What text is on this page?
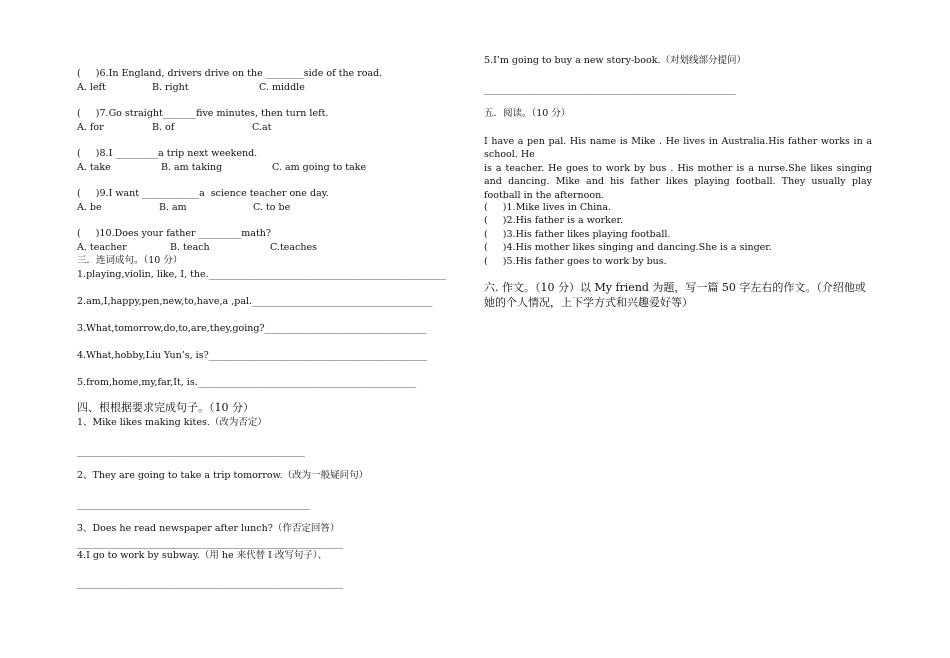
(     )6.In England, drivers drive on the ________side of the road.
A. left	B. right	C. middle
(     )7.Go straight_______five minutes, then turn left.
A. for	B. of	C.at
(     )8.I _________a trip next weekend.
A. take	B. am taking	C. am going to take
(     )9.I want ____________a  science teacher one day.
A. be	B. am	C. to be
(     )10.Does your father _________math?
A. teacher	B. teach	C.teaches
三．连词成句。（10 分）
1.playing,violin, like, I, the.__________________________________________________
2.am,I,happy,pen,new,to,have,a ,pal.______________________________________
3.What,tomorrow,do,to,are,they,going?__________________________________
4.What,hobby,Liu Yun’s, is?______________________________________________
5.from,home,my,far,It, is.______________________________________________
四、根根据要求完成句子。（10 分）
1、Mike likes making kites.（改为否定）
________________________________________________
2、They are going to take a trip tomorrow.（改为一般疑问句）
_________________________________________________
3、Does he read newspaper after lunch?（作否定回答）
________________________________________________________
4.I go to work by subway.（用 he 来代替 I 改写句子）、
________________________________________________________
5.I’m going to buy a new story-book.（对划线部分提问）
_____________________________________________________
五．阅读。（10 分）
I have a pen pal. His name is Mike . He lives in Australia.His father works in a school. He
is a teacher. He goes to work by bus . His mother is a nurse.She likes singing and dancing. Mike and his father likes playing football. They usually play football in the afternoon.
(     )1.Mike lives in China.
(     )2.His father is a worker.
(     )3.His father likes playing football.
(     )4.His mother likes singing and dancing.She is a singer.
(     )5.His father goes to work by bus.
六. 作文。（10 分）以 My friend 为题，写一篇 50 字左右的作文。（介绍他或她的个人情况，上下学方式和兴趣爱好等）
